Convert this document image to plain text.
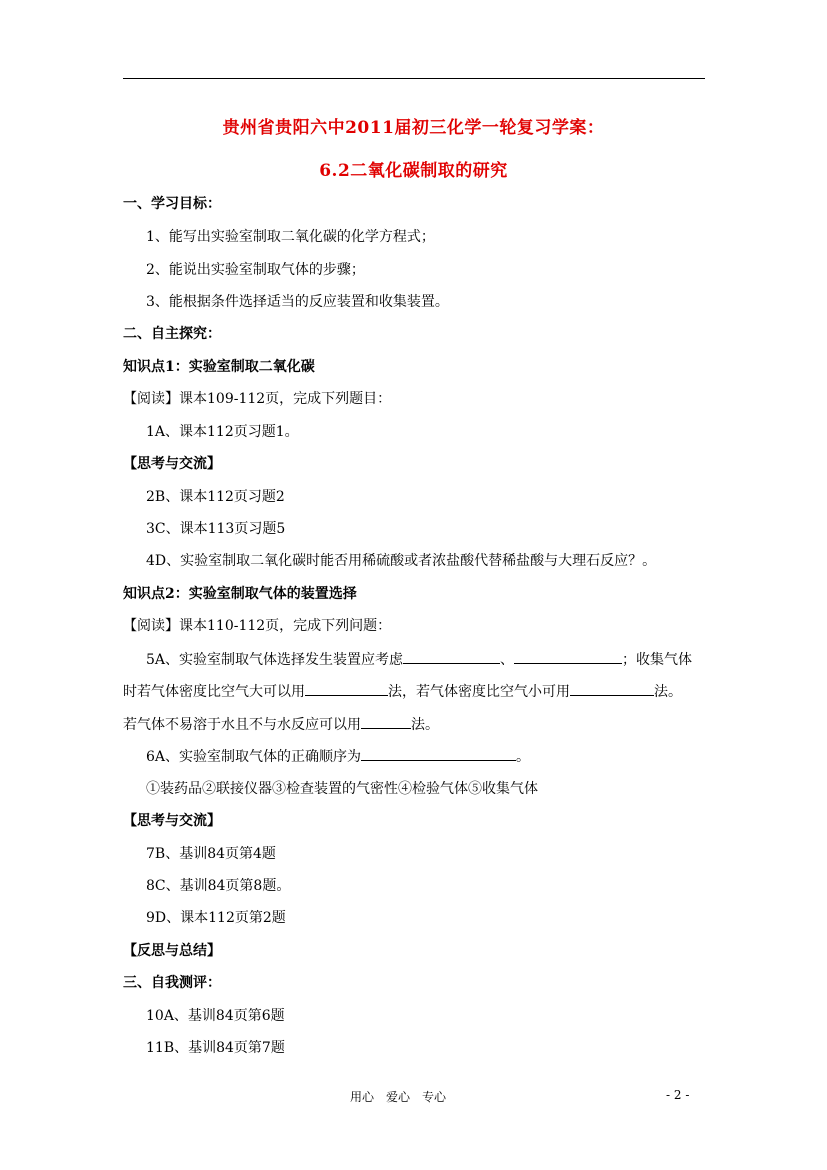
贵州省贵阳六中2011届初三化学一轮复习学案：
6.2二氧化碳制取的研究
一、学习目标：
1、能写出实验室制取二氧化碳的化学方程式；
2、能说出实验室制取气体的步骤；
3、能根据条件选择适当的反应装置和收集装置。
二、自主探究：
知识点1：实验室制取二氧化碳
【阅读】课本109-112页，完成下列题目：
1A、课本112页习题1。
【思考与交流】
2B、课本112页习题2
3C、课本113页习题5
4D、实验室制取二氧化碳时能否用稀硫酸或者浓盐酸代替稀盐酸与大理石反应？。
知识点2：实验室制取气体的装置选择
【阅读】课本110-112页，完成下列问题：
5A、实验室制取气体选择发生装置应考虑	、	；收集气体
时若气体密度比空气大可以用	法，若气体密度比空气小可用	法。
若气体不易溶于水且不与水反应可以用	法。
6A、实验室制取气体的正确顺序为	。
①装药品②联接仪器③检查装置的气密性④检验气体⑤收集气体
【思考与交流】
7B、基训84页第4题
8C、基训84页第8题。
9D、课本112页第2题
【反思与总结】
三、自我测评：
10A、基训84页第6题
11B、基训84页第7题
用心　爱心　专心	- 2 -
